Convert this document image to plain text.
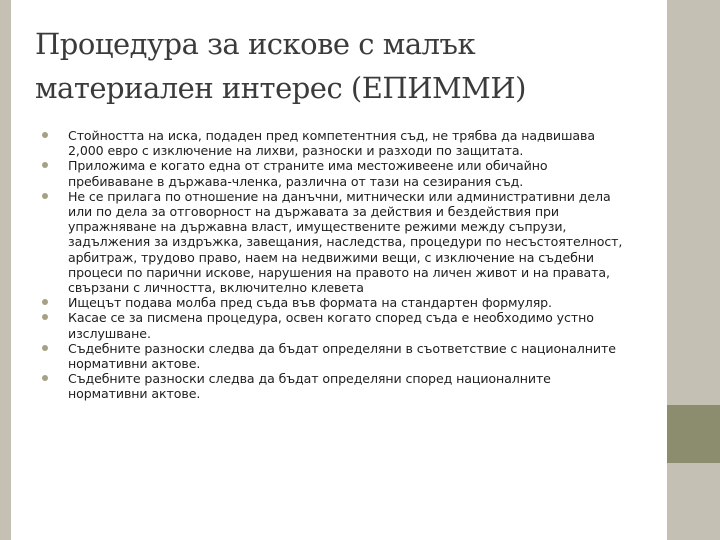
Процедура за искове с малък
материален интерес (ЕПИММИ)
Стойността на иска, подаден пред компетентния съд, не трябва да надвишава 2,000 евро с изключение на лихви, разноски и разходи по защитата.
Приложима е когато една от страните има местоживеене или обичайно пребиваване в държава-членка, различна от тази на сезирания съд.
Не се прилага по отношение на данъчни, митнически или административни дела или по дела за отговорност на държавата за действия и бездействия при упражняване на държавна власт, имуществените режими между съпрузи, задължения за издръжка, завещания, наследства, процедури по несъстоятелност, арбитраж, трудово право, наем на недвижими вещи, с изключение на съдебни процеси по парични искове, нарушения на правото на личен живот и на правата, свързани с личността, включително клевета
Ищецът подава молба пред съда във формата на стандартен формуляр.
Касае се за писмена процедура, освен когато според съда е необходимо устно изслушване.
Съдебните разноски следва да бъдат определяни в съответствие с националните нормативни актове.
Съдебните разноски следва да бъдат определяни според националните нормативни актове.
